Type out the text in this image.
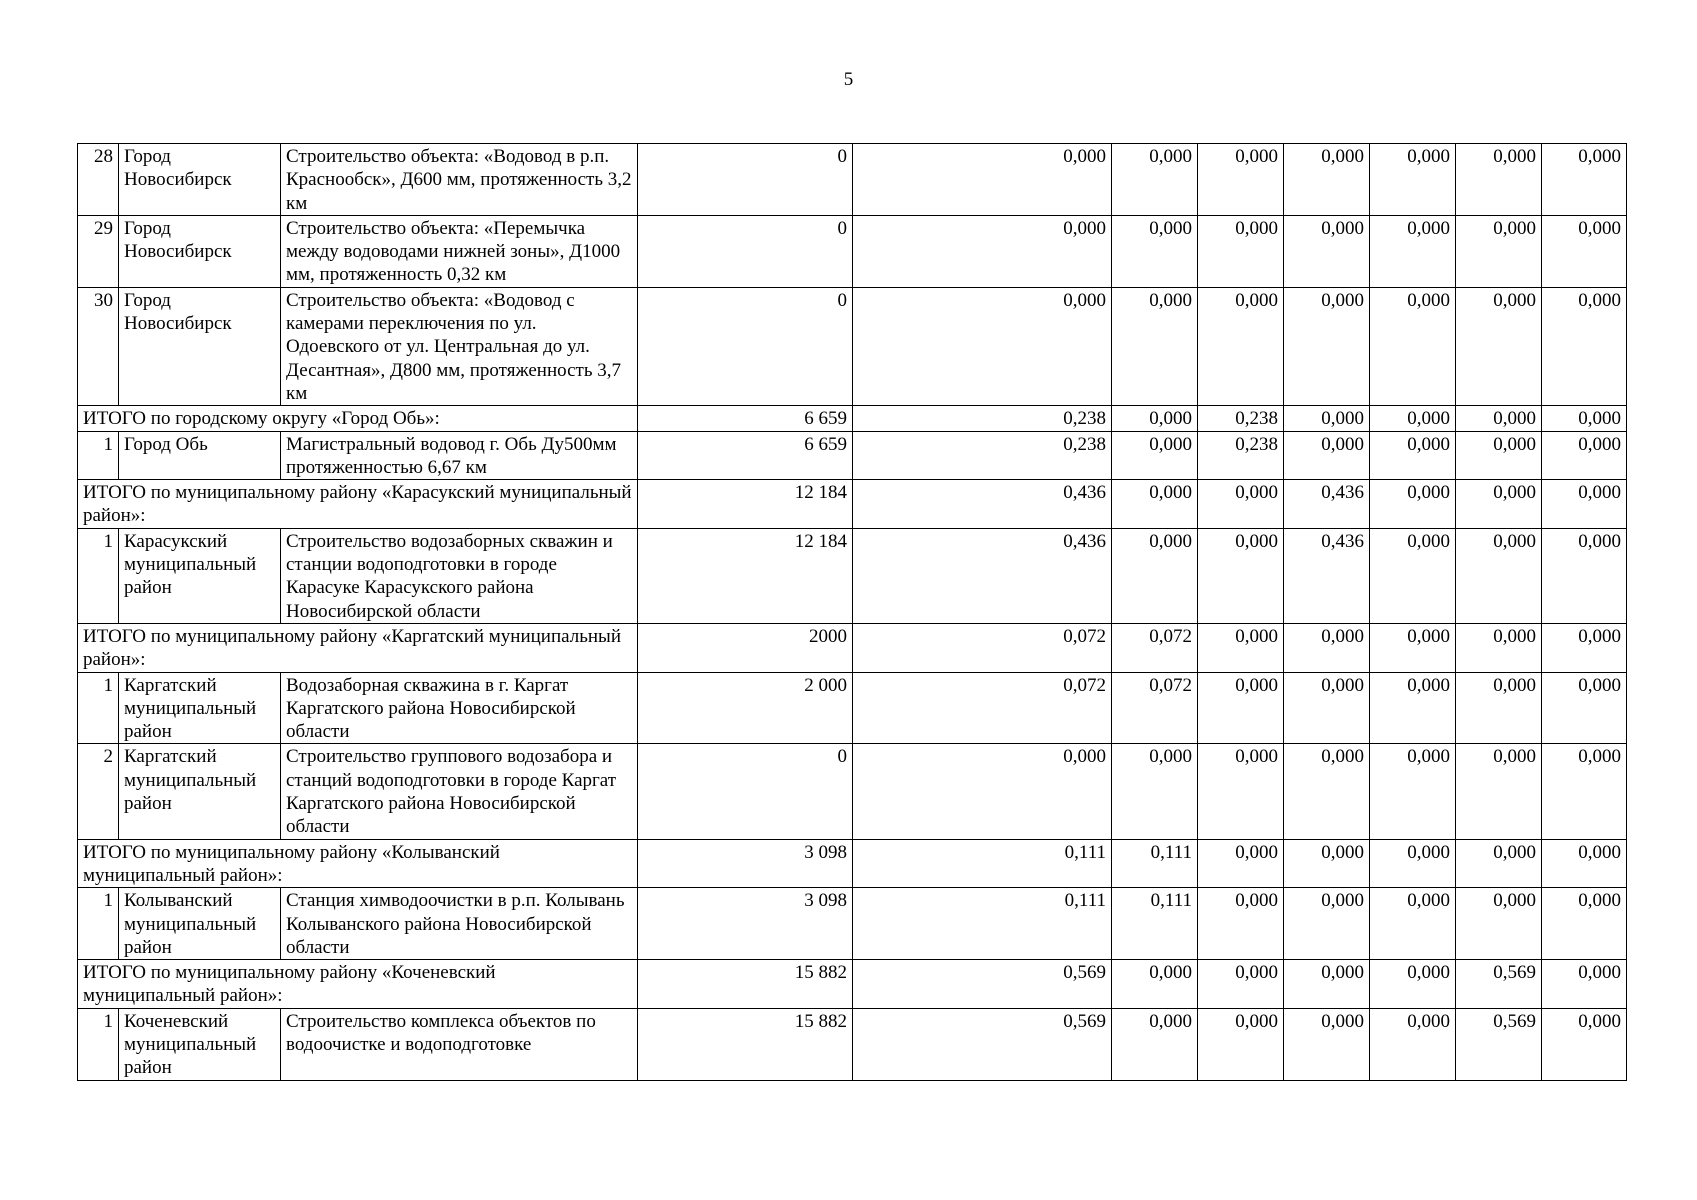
5
28	Город Новосибирск	Строительство объекта: «Водовод в р.п. Краснообск», Д600 мм, протяженность 3,2 км	0	0,000	0,000	0,000	0,000	0,000	0,000	0,000
29	Город Новосибирск	Строительство объекта: «Перемычка между водоводами нижней зоны», Д1000 мм, протяженность 0,32 км	0	0,000	0,000	0,000	0,000	0,000	0,000	0,000
30	Город Новосибирск	Строительство объекта: «Водовод с камерами переключения по ул. Одоевского от ул. Центральная до ул. Десантная», Д800 мм, протяженность 3,7 км	0	0,000	0,000	0,000	0,000	0,000	0,000	0,000
ИТОГО по городскому округу «Город Обь»:			6 659	0,238	0,000	0,238	0,000	0,000	0,000	0,000
1	Город Обь	Магистральный водовод г. Обь Ду500мм протяженностью 6,67 км	6 659	0,238	0,000	0,238	0,000	0,000	0,000	0,000
ИТОГО по муниципальному району «Карасукский муниципальный район»:			12 184	0,436	0,000	0,000	0,436	0,000	0,000	0,000
1	Карасукский муниципальный район	Строительство водозаборных скважин и станции водоподготовки в городе Карасуке Карасукского района Новосибирской области	12 184	0,436	0,000	0,000	0,436	0,000	0,000	0,000
ИТОГО по муниципальному району «Каргатский муниципальный район»:			2000	0,072	0,072	0,000	0,000	0,000	0,000	0,000
1	Каргатский муниципальный район	Водозаборная скважина в г. Каргат Каргатского района Новосибирской области	2 000	0,072	0,072	0,000	0,000	0,000	0,000	0,000
2	Каргатский муниципальный район	Строительство группового водозабора и станций водоподготовки в городе Каргат Каргатского района Новосибирской области	0	0,000	0,000	0,000	0,000	0,000	0,000	0,000
ИТОГО по муниципальному району «Колыванский муниципальный район»:			3 098	0,111	0,111	0,000	0,000	0,000	0,000	0,000
1	Колыванский муниципальный район	Станция химводоочистки в р.п. Колывань Колыванского района Новосибирской области	3 098	0,111	0,111	0,000	0,000	0,000	0,000	0,000
ИТОГО по муниципальному району «Коченевский муниципальный район»:			15 882	0,569	0,000	0,000	0,000	0,000	0,569	0,000
1	Коченевский муниципальный район	Строительство комплекса объектов по водоочистке и водоподготовке	15 882	0,569	0,000	0,000	0,000	0,000	0,569	0,000
